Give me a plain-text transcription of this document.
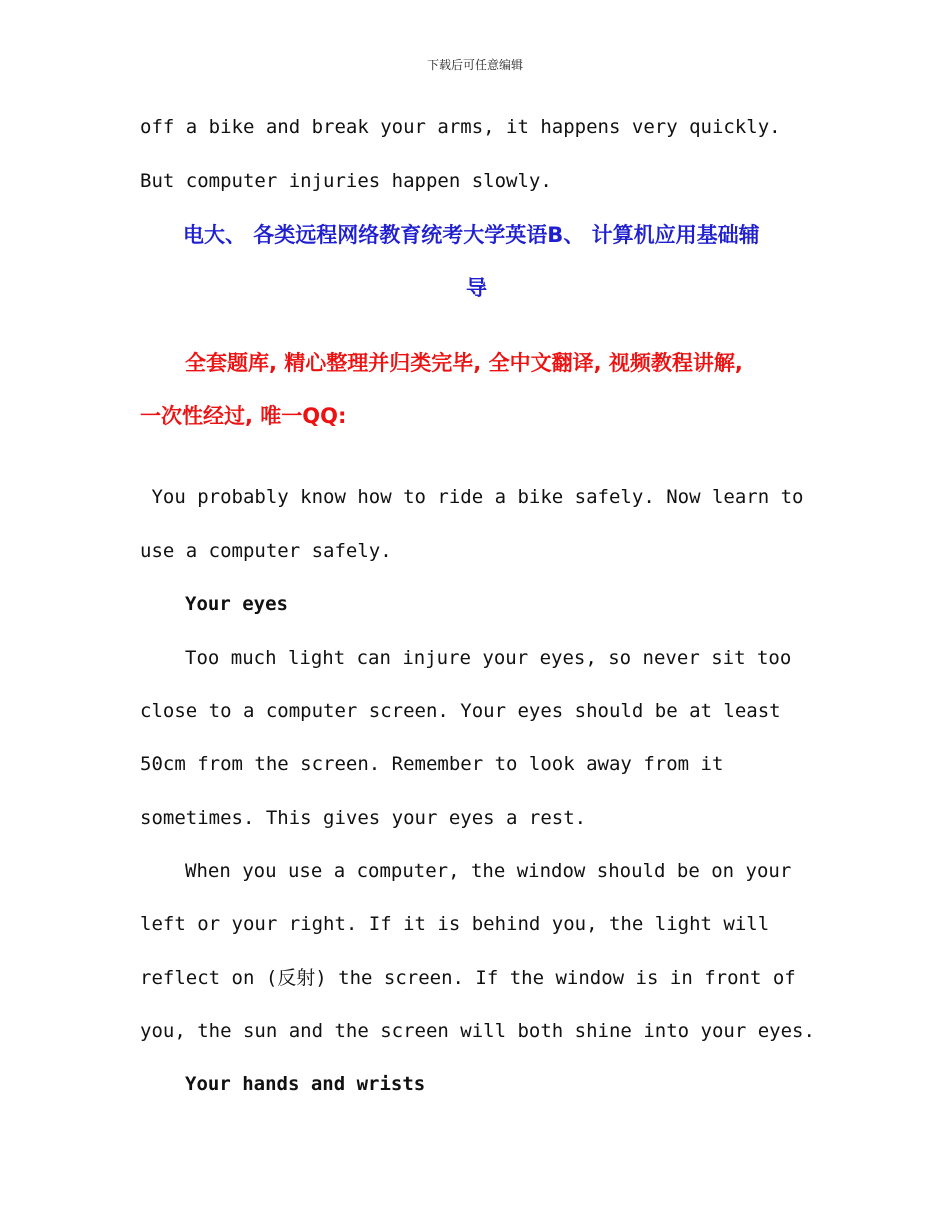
下载后可任意编辑
off a bike and break your arms, it happens very quickly.
But computer injuries happen slowly.
电大、 各类远程网络教育统考大学英语B、 计算机应用基础辅
导
全套题库, 精心整理并归类完毕, 全中文翻译, 视频教程讲解,
一次性经过, 唯一QQ:
You probably know how to ride a bike safely. Now learn to
use a computer safely.
Your eyes
Too much light can injure your eyes, so never sit too
close to a computer screen. Your eyes should be at least
50cm from the screen. Remember to look away from it
sometimes. This gives your eyes a rest.
When you use a computer, the window should be on your
left or your right. If it is behind you, the light will
reflect on (反射) the screen. If the window is in front of
you, the sun and the screen will both shine into your eyes.
Your hands and wrists
